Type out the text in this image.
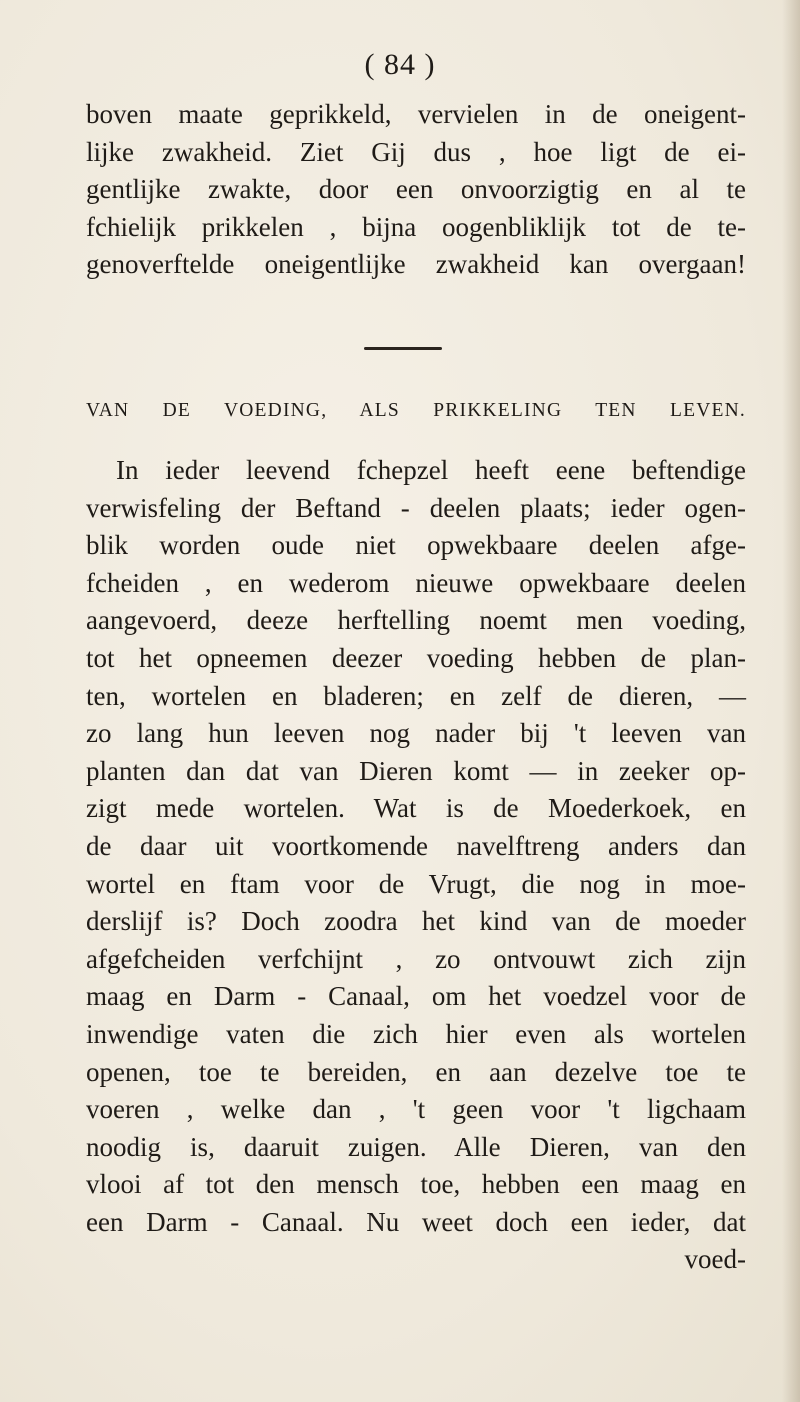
( 84 )
boven maate geprikkeld, vervielen in de oneigent-
lijke zwakheid. Ziet Gij dus , hoe ligt de ei-
gentlijke zwakte, door een onvoorzigtig en al te
fchielijk prikkelen , bijna oogenbliklijk tot de te-
genoverfteld​e oneigentlijke zwakheid kan overgaan!
VAN DE VOEDING, ALS PRIKKELING TEN LEVEN.
In ieder leevend fchepzel heeft eene beftendige
verwisfeling der Beftand - deelen plaats; ieder ogen-
blik worden oude niet opwekbaare deelen afge-
fcheiden , en wederom nieuwe opwekbaare deelen
aangevoerd, deeze herftelling noemt men voeding,
tot het opneemen deezer voeding hebben de plan-
ten, wortelen en bladeren; en zelf de dieren, —
zo lang hun leeven nog nader bij 't leeven van
planten dan dat van Dieren komt — in zeeker op-
zigt mede wortelen. Wat is de Moederkoek, en
de daar uit voortkomende navelftreng anders dan
wortel en ftam voor de Vrugt, die nog in moe-
derslijf is? Doch zoodra het kind van de moeder
afgefcheiden verfchijnt , zo ontvouwt zich zijn
maag en Darm - Canaal, om het voedzel voor de
inwendige vaten die zich hier even als wortelen
openen, toe te bereiden, en aan dezelve toe te
voeren , welke dan , 't geen voor 't ligchaam
noodig is, daaruit zuigen. Alle Dieren, van den
vlooi af tot den mensch toe, hebben een maag en
een Darm - Canaal. Nu weet doch een ieder, dat
voed-
